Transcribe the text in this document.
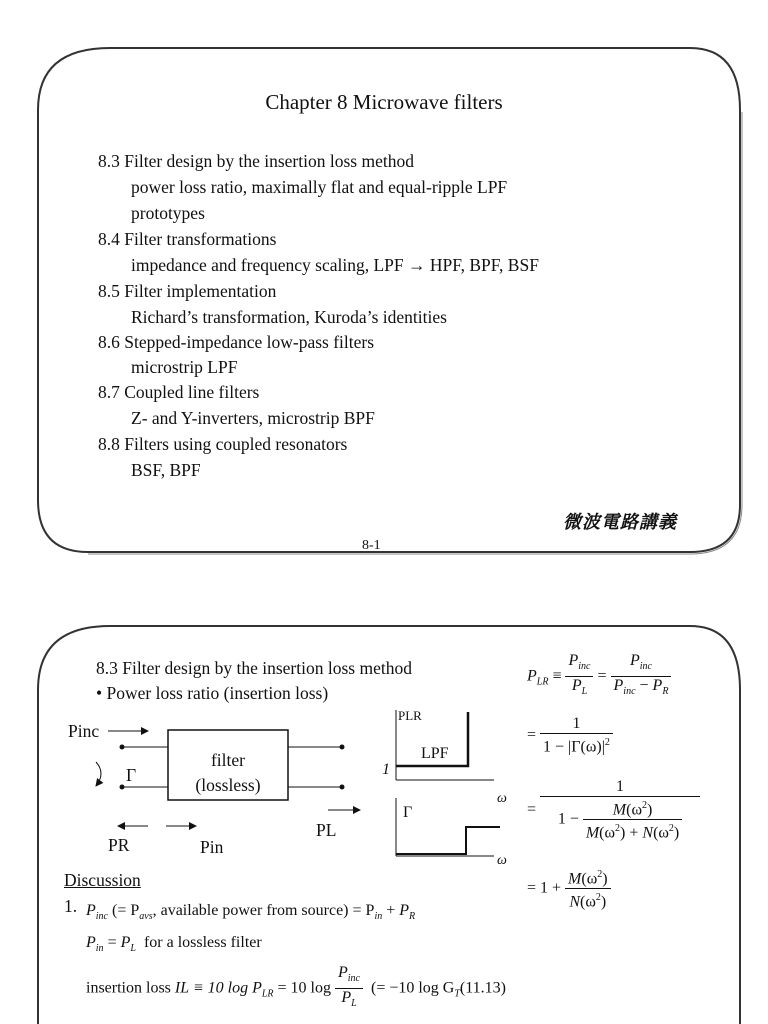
Chapter 8 Microwave filters
8.3 Filter design by the insertion loss method
power loss ratio, maximally flat and equal-ripple LPF
prototypes
8.4 Filter transformations
impedance and frequency scaling, LPF → HPF, BPF, BSF
8.5 Filter implementation
Richard’s transformation, Kuroda’s identities
8.6 Stepped-impedance low-pass filters
microstrip LPF
8.7 Coupled line filters
Z- and Y-inverters, microstrip BPF
8.8 Filters using coupled resonators
BSF, BPF
8-1
微波電路講義
8.3 Filter design by the insertion loss method
• Power loss ratio (insertion loss)
Pinc
filter
(lossless)
Γ
PR	Pin
PL
PLR
LPF
1
ω
Γ
ω
$P_{LR} \equiv \frac{P_{inc}}{P_L} = \frac{P_{inc}}{P_{inc} - P_R}$
= $\frac{1}{1 - |\Gamma(\omega)|^2}$
= $\frac{1}{1 - \frac{M(\omega^2)}{M(\omega^2) + N(\omega^2)}}$
= $1 + \frac{M(\omega^2)}{N(\omega^2)}$
Discussion
1. $P_{inc}$ (= $P_{avs}$, available power from source) = $P_{in} + P_R$
$P_{in} = P_L$ for a lossless filter
insertion loss IL ≡ 10 $\log P_{LR} = 10$ $\log \frac{P_{inc}}{P_L}$ (= −10 $\log G_T(11.13)$
